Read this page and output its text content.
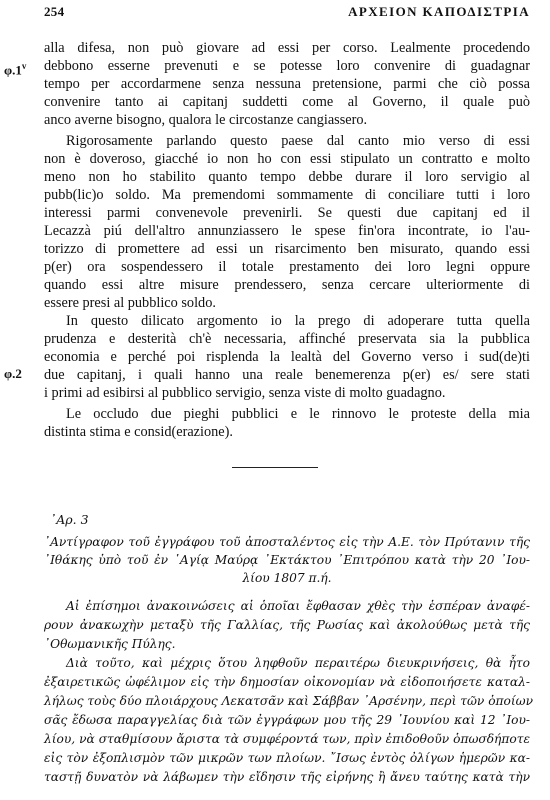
254	ΑΡΧΕΙΟΝ ΚΑΠΟΔΙΣΤΡΙΑ
φ.1$^v$
φ.2

alla difesa, non può giovare ad essi per corso. Lealmente procedendo
debbono esserne prevenuti e se potesse loro convenire di guadagnar
tempo per accordarmene senza nessuna pretensione, parmi che ciò possa
convenire tanto ai capitanj suddetti come al Governo, il quale può
anco averne bisogno, qualora le circostanze cangiassero.

Rigorosamente parlando questo paese dal canto mio verso di essi
non è doveroso, giacché io non ho con essi stipulato un contratto e molto
meno non ho stabilito quanto tempo debbe durare il loro servigio al
pubb(lic)o soldo. Ma premendomi sommamente di conciliare tutti i loro
interessi parmi convenevole prevenirli. Se questi due capitanj ed il
Lecazzà piú dell'altro annunziassero le spese fin'ora incontrate, io l'au-
torizzo di promettere ad essi un risarcimento ben misurato, quando essi
p(er) ora sospendessero il totale prestamento dei loro legni oppure
quando essi altre misure prendessero, senza cercare ulteriormente di
essere presi al pubblico soldo.

In questo dilicato argomento io la prego di adoperare tutta quella
prudenza e desterità ch'è necessaria, affinché preservata sia la pubblica
economia e perché poi risplenda la lealtà del Governo verso i sud(de)ti
due capitanj, i quali hanno una reale benemerenza p(er) es/ sere stati
i primi ad esibirsi al pubblico servigio, senza viste di molto guadagno.

Le occludo due pieghi pubblici e le rinnovo le proteste della mia
distinta stima e consid(erazione).

᾿Αρ. 3
᾿Αντίγραφον τοῦ ἐγγράφου τοῦ ἀποσταλέντος εἰς τὴν Α.Ε. τὸν Πρύτανιν τῆς
᾿Ιθάκης ὑπὸ τοῦ ἐν ῾Αγίᾳ Μαύρᾳ ᾿Εκτάκτου ᾿Επιτρόπου κατὰ τὴν 20 ᾿Ιου-
λίου 1807 π.ή.
Αἱ ἐπίσημοι ἀνακοινώσεις αἱ ὁποῖαι ἔφθασαν χθὲς τὴν ἑσπέραν ἀναφέ-
ρουν ἀνακωχὴν μεταξὺ τῆς Γαλλίας, τῆς Ρωσίας καὶ ἀκολούθως μετὰ τῆς
᾿Οθωμανικῆς Πύλης.
Διὰ τοῦτο, καὶ μέχρις ὅτου ληφθοῦν περαιτέρω διευκρινήσεις, θὰ ἦτο
ἐξαιρετικῶς ὠφέλιμον εἰς τὴν δημοσίαν οἰκονομίαν νὰ εἰδοποιήσετε καταλ-
λήλως τοὺς δύο πλοιάρχους Λεκατσᾶν καὶ Σάββαν ᾿Αρσένην, περὶ τῶν ὁποίων
σᾶς ἔδωσα παραγγελίας διὰ τῶν ἐγγράφων μου τῆς 29 ᾿Ιουνίου καὶ 12 ᾿Ιου-
λίου, νὰ σταθμίσουν ἄριστα τὰ συμφέροντά των, πρὶν ἐπιδοθοῦν ὁπωσδήποτε
εἰς τὸν ἐξοπλισμὸν τῶν μικρῶν των πλοίων. ῎Ισως ἐντὸς ὀλίγων ἡμερῶν κα-
ταστῇ δυνατὸν νὰ λάβωμεν τὴν εἴδησιν τῆς εἰρήνης ἢ ἄνευ ταύτης κατὰ τὴν
